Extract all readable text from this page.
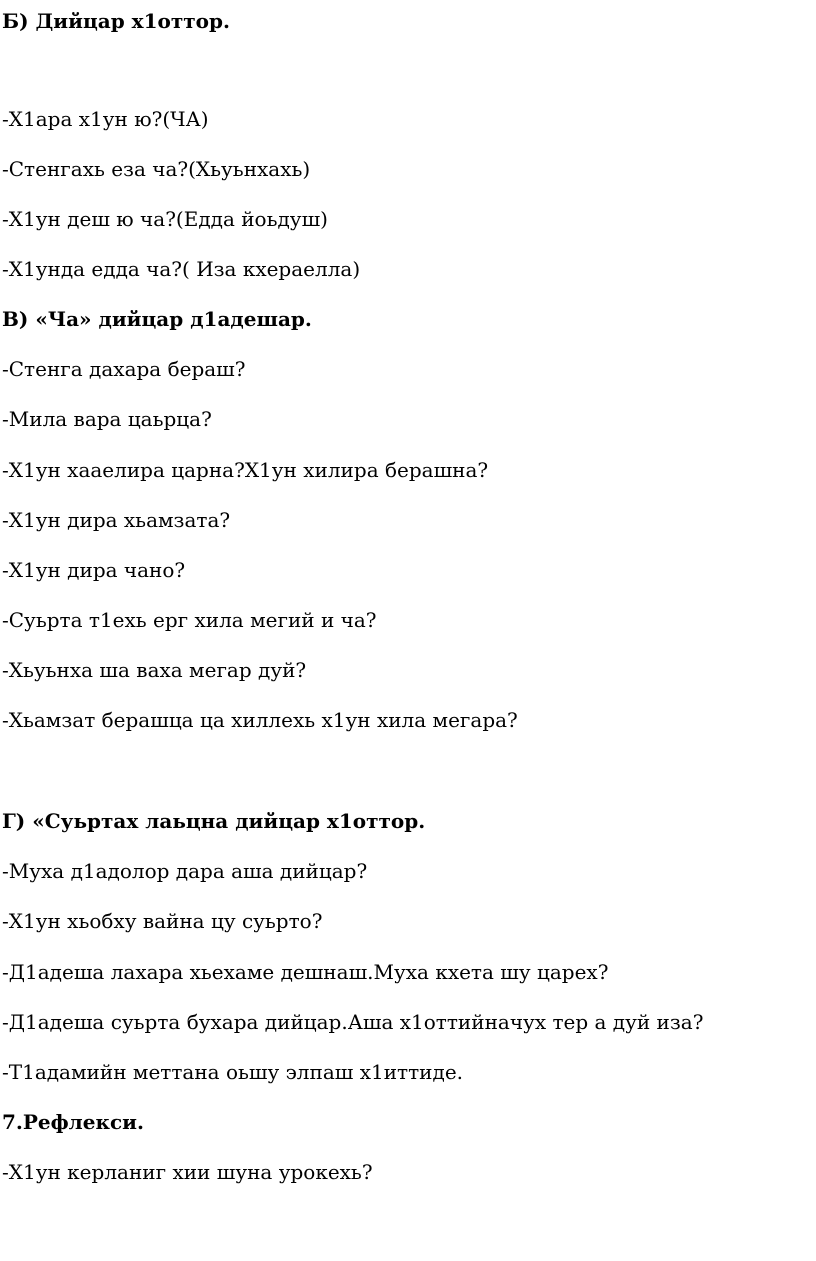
Б) Дийцар х1оттор.
-Х1ара х1ун ю?(ЧА)
-Стенгахь еза ча?(Хьуьнхахь)
-Х1ун деш ю ча?(Едда йоьдуш)
-Х1унда едда ча?( Иза кхераелла)
В) «Ча» дийцар д1адешар.
-Стенга дахара бераш?
-Мила вара цаьрца?
-Х1ун хааелира царна?Х1ун хилира берашна?
-Х1ун дира хьамзата?
-Х1ун дира чано?
-Суьрта т1ехь ерг хила мегий и ча?
-Хьуьнха ша ваха мегар дуй?
-Хьамзат берашца ца хиллехь х1ун хила мегара?
Г) «Суьртах лаьцна дийцар х1оттор.
-Муха д1адолор дара аша дийцар?
-Х1ун хьобху вайна цу суьрто?
-Д1адеша лахара хьехаме дешнаш.Муха кхета шу царех?
-Д1адеша суьрта бухара дийцар.Аша х1оттийначух тер а дуй иза?
-Т1адамийн меттана оьшу элпаш х1иттиде.
7.Рефлекси.
-Х1ун керланиг хии шуна урокехь?
